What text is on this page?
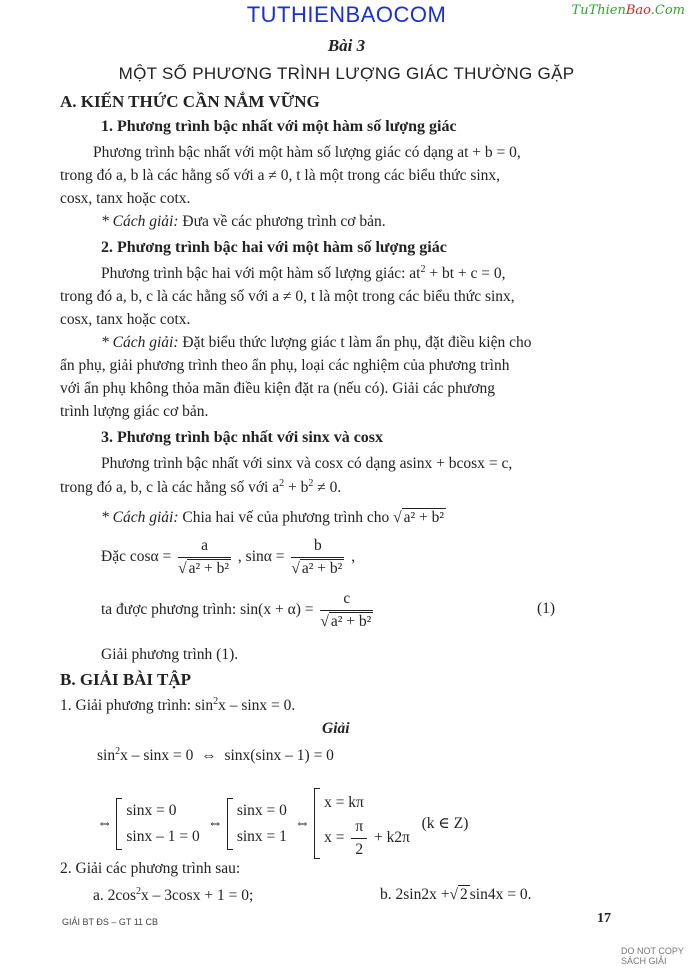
TUTHIENBAOCOM	TuThienBao.Com
Bài 3
MỘT SỐ PHƯƠNG TRÌNH LƯỢNG GIÁC THƯỜNG GẶP
A. KIẾN THỨC CẦN NẮM VỮNG
1. Phương trình bậc nhất với một hàm số lượng giác
Phương trình bậc nhất với một hàm số lượng giác có dạng at + b = 0,
trong đó a, b là các hằng số với a ≠ 0, t là một trong các biểu thức sinx,
cosx, tanx hoặc cotx.
* Cách giải: Đưa về các phương trình cơ bản.
2. Phương trình bậc hai với một hàm số lượng giác
Phương trình bậc hai với một hàm số lượng giác: $at^2$ + bt + c = 0,
trong đó a, b, c là các hằng số với a ≠ 0, t là một trong các biểu thức sinx,
cosx, tanx hoặc cotx.
* Cách giải: Đặt biểu thức lượng giác t làm ẩn phụ, đặt điều kiện cho
ẩn phụ, giải phương trình theo ẩn phụ, loại các nghiệm của phương trình
với ẩn phụ không thỏa mãn điều kiện đặt ra (nếu có). Giải các phương
trình lượng giác cơ bản.
3. Phương trình bậc nhất với sinx và cosx
Phương trình bậc nhất với sinx và cosx có dạng asinx + bcosx = c,
trong đó a, b, c là các hằng số với $a^2 + b^2 \ne 0$.
* Cách giải: Chia hai vế của phương trình cho √ a² + b²
Đặc $\cos\alpha = \frac{a}{\text{√ a² + b²}}$ , $\sin\alpha = \frac{b}{\text{√ a² + b²}}$ ,
ta được phương trình: $\sin(x + \alpha) = \frac{c}{\text{√ a² + b²}}$	(1)
Giải phương trình (1).
B. GIẢI BÀI TẬP
1. Giải phương trình: $\sin^2x - \sin x = 0$.
Giải
$\sin^2x - \sin x = 0$ ⇔ sinx(sinx – 1) = 0
⇔
sinx = 0
sinx – 1 = 0
⇔
sinx = 0
sinx = 1
⇔
x = kπ
$x = \frac{\pi}{2} + k2\pi$
(k ∈ Z)
2. Giải các phương trình sau:
a. $2\cos^2x - 3\cos x + 1 = 0$;	b. 2sin2x +√ 2 sin4x = 0.
GIẢI BT ĐS – GT 11 CB	17
DO NOT COPY
SÁCH GIẢI
